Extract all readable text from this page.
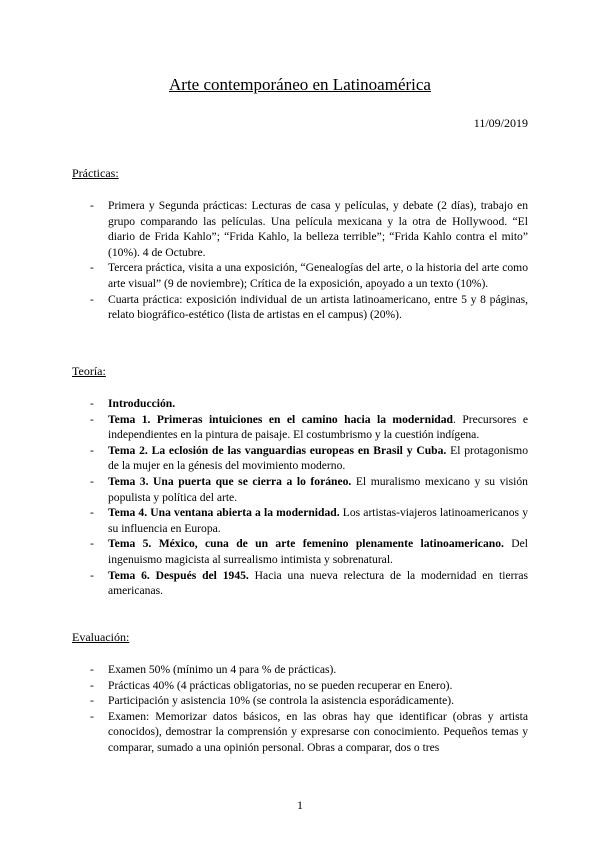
Arte contemporáneo en Latinoamérica
11/09/2019

Prácticas:

- Primera y Segunda prácticas: Lecturas de casa y películas, y debate (2 días), trabajo en grupo comparando las películas. Una película mexicana y la otra de Hollywood. “El diario de Frida Kahlo”; “Frida Kahlo, la belleza terrible”; “Frida Kahlo contra el mito” (10%). 4 de Octubre.
- Tercera práctica, visita a una exposición, “Genealogías del arte, o la historia del arte como arte visual” (9 de noviembre); Crítica de la exposición, apoyado a un texto (10%).
- Cuarta práctica: exposición individual de un artista latinoamericano, entre 5 y 8 páginas, relato biográfico-estético (lista de artistas en el campus) (20%).

Teoría:

- Introducción.
- Tema 1. Primeras intuiciones en el camino hacia la modernidad. Precursores e independientes en la pintura de paisaje. El costumbrismo y la cuestión indígena.
- Tema 2. La eclosión de las vanguardias europeas en Brasil y Cuba. El protagonismo de la mujer en la génesis del movimiento moderno.
- Tema 3. Una puerta que se cierra a lo foráneo. El muralismo mexicano y su visión populista y política del arte.
- Tema 4. Una ventana abierta a la modernidad. Los artistas-viajeros latinoamericanos y su influencia en Europa.
- Tema 5. México, cuna de un arte femenino plenamente latinoamericano. Del ingenuismo magicista al surrealismo intimista y sobrenatural.
- Tema 6. Después del 1945. Hacia una nueva relectura de la modernidad en tierras americanas.

Evaluación:

- Examen 50% (mínimo un 4 para % de prácticas).
- Prácticas 40% (4 prácticas obligatorias, no se pueden recuperar en Enero).
- Participación y asistencia 10% (se controla la asistencia esporádicamente).
- Examen: Memorizar datos básicos, en las obras hay que identificar (obras y artista conocidos), demostrar la comprensión y expresarse con conocimiento. Pequeños temas y comparar, sumado a una opinión personal. Obras a comparar, dos o tres
1
